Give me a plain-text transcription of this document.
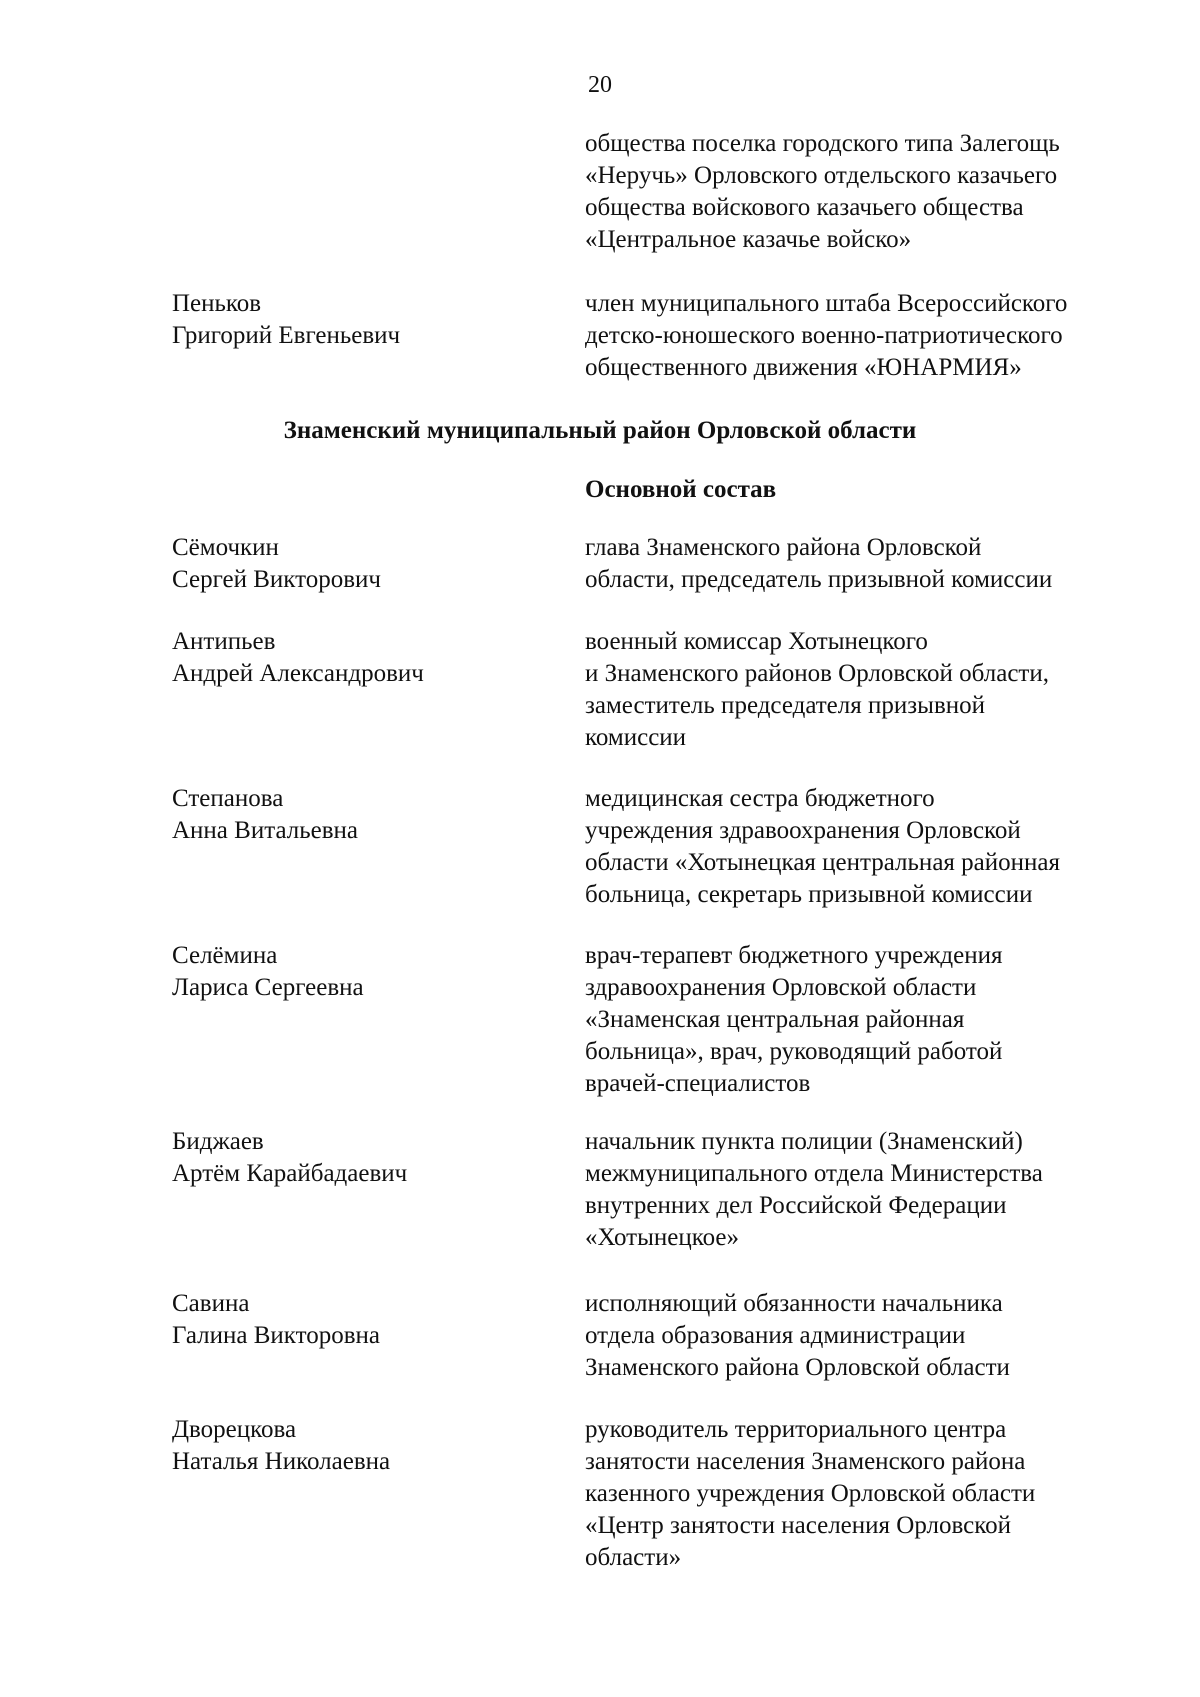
20
общества поселка городского типа Залегощь
«Неручь» Орловского отдельского казачьего
общества войскового казачьего общества
«Центральное казачье войско»
Пеньков
Григорий Евгеньевич
член муниципального штаба Всероссийского
детско-юношеского военно-патриотического
общественного движения «ЮНАРМИЯ»
Знаменский муниципальный район Орловской области
Основной состав
Сёмочкин
Сергей Викторович
глава Знаменского района Орловской
области, председатель призывной комиссии
Антипьев
Андрей Александрович
военный комиссар Хотынецкого
и Знаменского районов Орловской области,
заместитель председателя призывной
комиссии
Степанова
Анна Витальевна
медицинская сестра бюджетного
учреждения здравоохранения Орловской
области «Хотынецкая центральная районная
больница, секретарь призывной комиссии
Селёмина
Лариса Сергеевна
врач-терапевт бюджетного учреждения
здравоохранения Орловской области
«Знаменская центральная районная
больница», врач, руководящий работой
врачей-специалистов
Биджаев
Артём Карайбадаевич
начальник пункта полиции (Знаменский)
межмуниципального отдела Министерства
внутренних дел Российской Федерации
«Хотынецкое»
Савина
Галина Викторовна
исполняющий обязанности начальника
отдела образования администрации
Знаменского района Орловской области
Дворецкова
Наталья Николаевна
руководитель территориального центра
занятости населения Знаменского района
казенного учреждения Орловской области
«Центр занятости населения Орловской
области»
